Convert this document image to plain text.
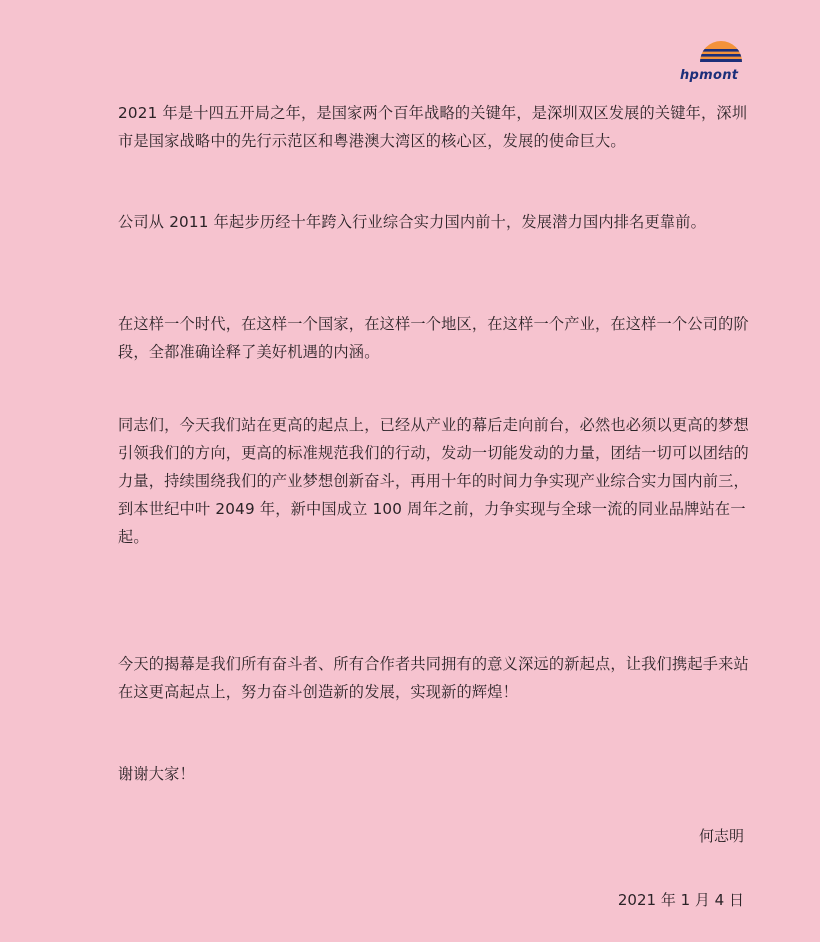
hpmont

2021 年是十四五开局之年，是国家两个百年战略的关键年，是深圳双区发展的关键年，深圳市是国家战略中的先行示范区和粤港澳大湾区的核心区，发展的使命巨大。

公司从 2011 年起步历经十年跨入行业综合实力国内前十，发展潜力国内排名更靠前。

在这样一个时代，在这样一个国家，在这样一个地区，在这样一个产业，在这样一个公司的阶段，全都准确诠释了美好机遇的内涵。

同志们，今天我们站在更高的起点上，已经从产业的幕后走向前台，必然也必须以更高的梦想引领我们的方向，更高的标准规范我们的行动，发动一切能发动的力量，团结一切可以团结的力量，持续围绕我们的产业梦想创新奋斗，再用十年的时间力争实现产业综合实力国内前三，到本世纪中叶 2049 年，新中国成立 100 周年之前，力争实现与全球一流的同业品牌站在一起。

今天的揭幕是我们所有奋斗者、所有合作者共同拥有的意义深远的新起点，让我们携起手来站在这更高起点上，努力奋斗创造新的发展，实现新的辉煌！

谢谢大家！

何志明
2021 年 1 月 4 日
